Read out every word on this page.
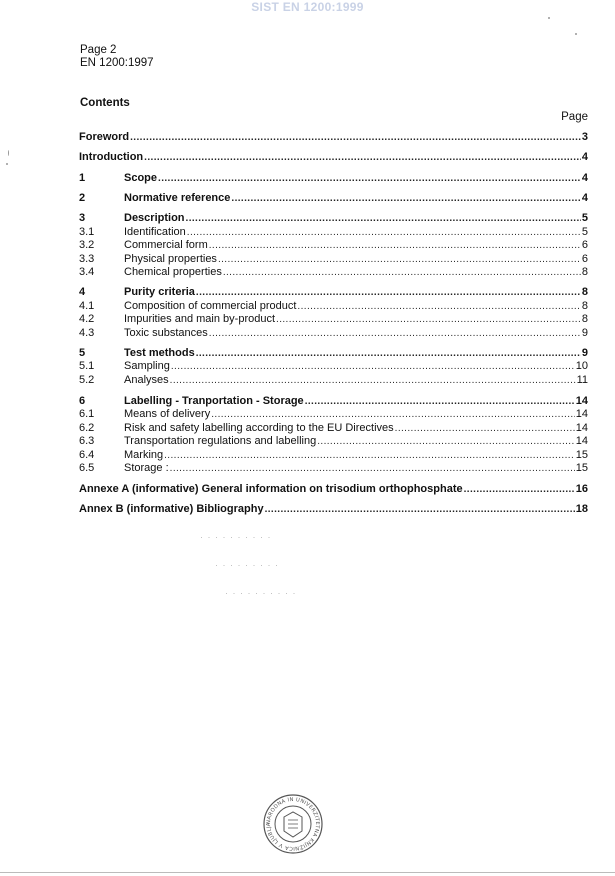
SIST EN 1200:1999
Page 2
EN 1200:1997
Contents
Page
Foreword .....	3
Introduction .....	4
1	Scope .....	4
2	Normative reference .....	4
3	Description .....	5
3.1	Identification .....	5
3.2	Commercial form .....	6
3.3	Physical properties .....	6
3.4	Chemical properties .....	8
4	Purity criteria .....	8
4.1	Composition of commercial product .....	8
4.2	Impurities and main by-product .....	8
4.3	Toxic substances .....	9
5	Test methods .....	9
5.1	Sampling .....	10
5.2	Analyses .....	11
6	Labelling - Tranportation - Storage .....	14
6.1	Means of delivery .....	14
6.2	Risk and safety labelling according to the EU Directives .....	14
6.3	Transportation regulations and labelling .....	14
6.4	Marking .....	15
6.5	Storage : .....	15
Annexe A (informative) General information on trisodium orthophosphate .....	16
Annex B (informative) Bibliography .....	18
· · · · · · · · · ·
· · · · · · · · ·
· · · · · · · · · ·
NARODNA IN UNIVERZITETNA KNJIŽNICA V LJUBLJA
